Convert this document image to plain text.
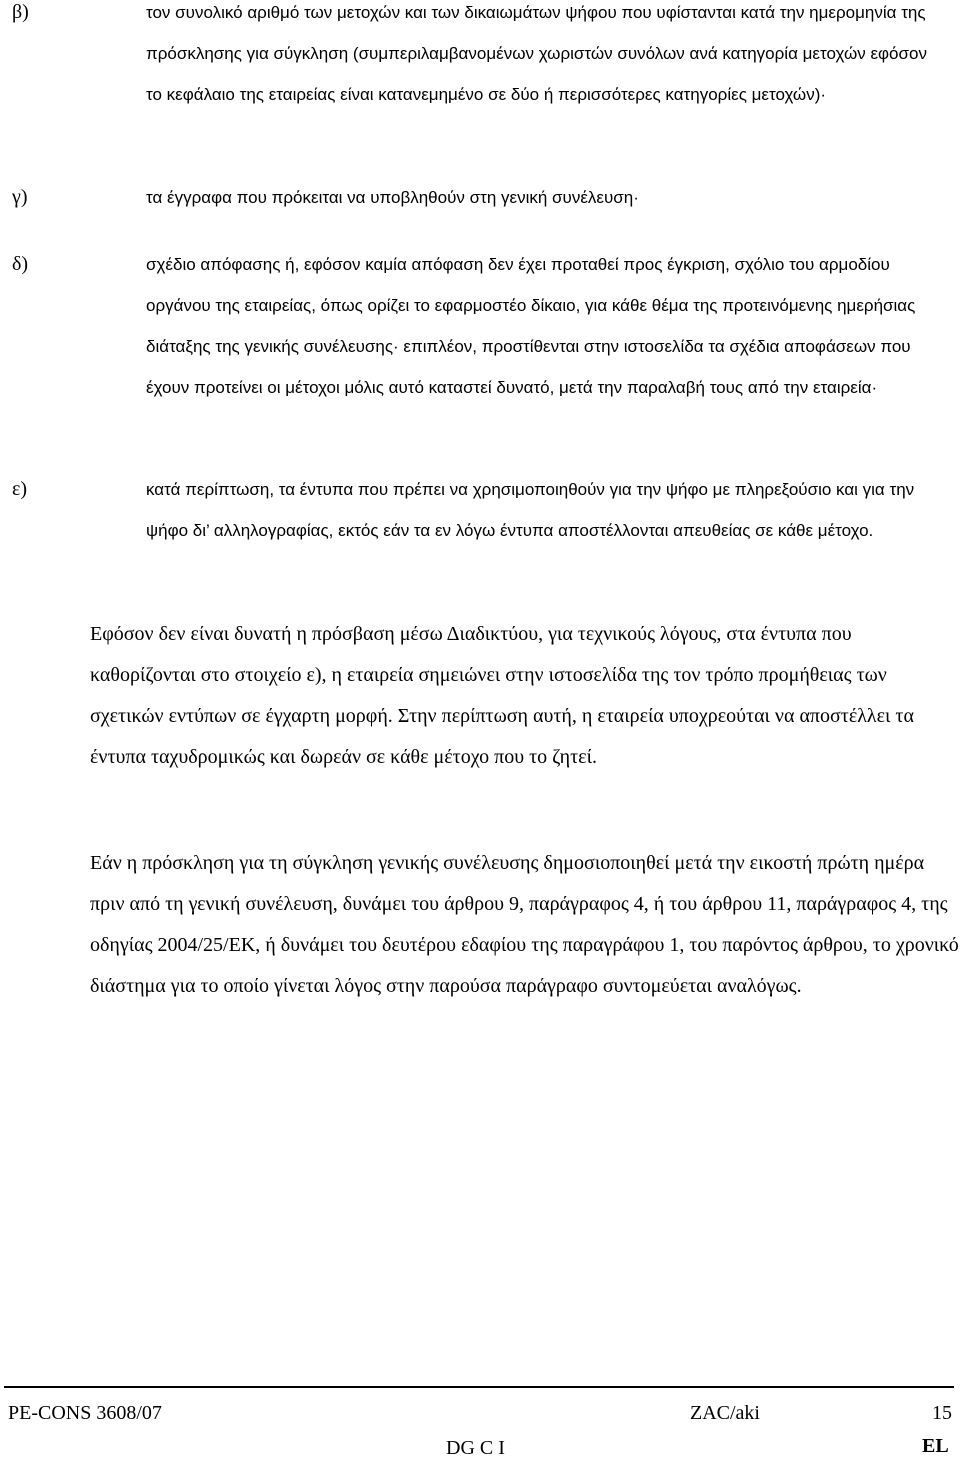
β)	τον συνολικό αριθμό των μετοχών και των δικαιωμάτων ψήφου που υφίστανται κατά την ημερομηνία της πρόσκλησης για σύγκληση (συμπεριλαμβανομένων χωριστών συνόλων ανά κατηγορία μετοχών εφόσον το κεφάλαιο της εταιρείας είναι κατανεμημένο σε δύο ή περισσότερες κατηγορίες μετοχών)·
γ)	τα έγγραφα που πρόκειται να υποβληθούν στη γενική συνέλευση·
δ)	σχέδιο απόφασης ή, εφόσον καμία απόφαση δεν έχει προταθεί προς έγκριση, σχόλιο του αρμοδίου οργάνου της εταιρείας, όπως ορίζει το εφαρμοστέο δίκαιο, για κάθε θέμα της προτεινόμενης ημερήσιας διάταξης της γενικής συνέλευσης· επιπλέον, προστίθενται στην ιστοσελίδα τα σχέδια αποφάσεων που έχουν προτείνει οι μέτοχοι μόλις αυτό καταστεί δυνατό, μετά την παραλαβή τους από την εταιρεία·
ε)	κατά περίπτωση, τα έντυπα που πρέπει να χρησιμοποιηθούν για την ψήφο με πληρεξούσιο και για την ψήφο δι’ αλληλογραφίας, εκτός εάν τα εν λόγω έντυπα αποστέλλονται απευθείας σε κάθε μέτοχο.
Εφόσον δεν είναι δυνατή η πρόσβαση μέσω Διαδικτύου, για τεχνικούς λόγους, στα έντυπα που καθορίζονται στο στοιχείο ε), η εταιρεία σημειώνει στην ιστοσελίδα της τον τρόπο προμήθειας των σχετικών εντύπων σε έγχαρτη μορφή. Στην περίπτωση αυτή, η εταιρεία υποχρεούται να αποστέλλει τα έντυπα ταχυδρομικώς και δωρεάν σε κάθε μέτοχο που το ζητεί.
Εάν η πρόσκληση για τη σύγκληση γενικής συνέλευσης δημοσιοποιηθεί μετά την εικοστή πρώτη ημέρα πριν από τη γενική συνέλευση, δυνάμει του άρθρου 9, παράγραφος 4, ή του άρθρου 11, παράγραφος 4, της οδηγίας 2004/25/ΕΚ, ή δυνάμει του δευτέρου εδαφίου της παραγράφου 1, του παρόντος άρθρου, το χρονικό διάστημα για το οποίο γίνεται λόγος στην παρούσα παράγραφο συντομεύεται αναλόγως.
PE-CONS 3608/07	ZAC/aki	15
DG C I	EL
